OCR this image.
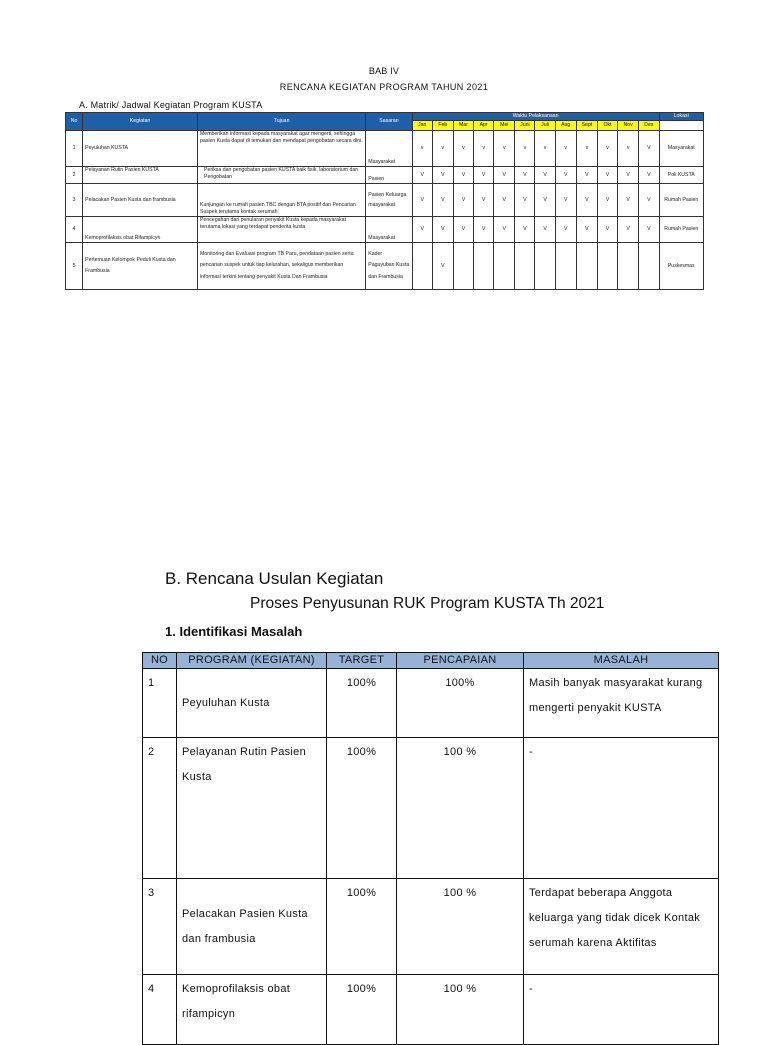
BAB IV
RENCANA KEGIATAN PROGRAM TAHUN 2021
A. Matrik/ Jadwal Kegiatan Program KUSTA
No	Kegiatan	Tujuan	Sasaran	Waktu Pelaksanaan												Lokasi
				Jan	Feb	Mar	Apr	Mei	Juni	Juli	Aug	Sept	Okt	Nov	Des	
1	Peyuluhan KUSTA	Memberikan informasi kepada masyarakat agar mengerti, sehingga pasien Kusta dapat di temukan dan mendapat pengobatan secara dini.	Masyarakat	v	v	v	v	v	v	v	v	v	v	v	V	Masyarakat
2	Pelayanan Rutin Pasien KUSTA	Periksa dan pengobatan pasien KUSTA baik fisik, laboratorium dan Pengobatan	Pasien	V	V	V	V	V	V	V	V	V	V	V	V	Poli KUSTA
3	Pelacakan Pasien Kusta dan frambusia	Kunjungan ke rumah pasien TBC dengan BTA positif dan Pencarian Suspek terutama kontak serumah	Pasien Keluarga masyarakat	V	V	V	V	V	V	V	V	V	V	V	V	Rumah Pasien
4	Kemoprofilaksis obat Rifampicyn	Pencegahan dari penularan penyakit Kusta kepada masyarakat terutama lokasi yang terdapat penderita kusta	Masyarakat	V	V	V	V	V	V	V	V	V	V	V	V	Rumah Pasien
5	Pertemuan Kelompok Peduli Kusta dan Frambusia	Monitoring dan Evaluasi program TB Paru, pendataan pasien serta pencarian suspek untuk tiap kelurahan, sekaligus memberikan informasi terkini tentang penyakit Kusta Dan Frambusia	Kader Paguyuban Kusta dan Frambusia		V											Puskesmas
B. Rencana Usulan Kegiatan
Proses Penyusunan RUK Program KUSTA Th 2021
1. Identifikasi Masalah
NO	PROGRAM (KEGIATAN)	TARGET	PENCAPAIAN	MASALAH
1	Peyuluhan Kusta	100%	100%	Masih banyak masyarakat kurang mengerti penyakit KUSTA
2	Pelayanan Rutin Pasien Kusta	100%	100 %	-
3	Pelacakan Pasien Kusta dan frambusia	100%	100 %	Terdapat beberapa Anggota keluarga yang tidak dicek Kontak serumah karena Aktifitas
4	Kemoprofilaksis obat rifampicyn	100%	100 %	-
